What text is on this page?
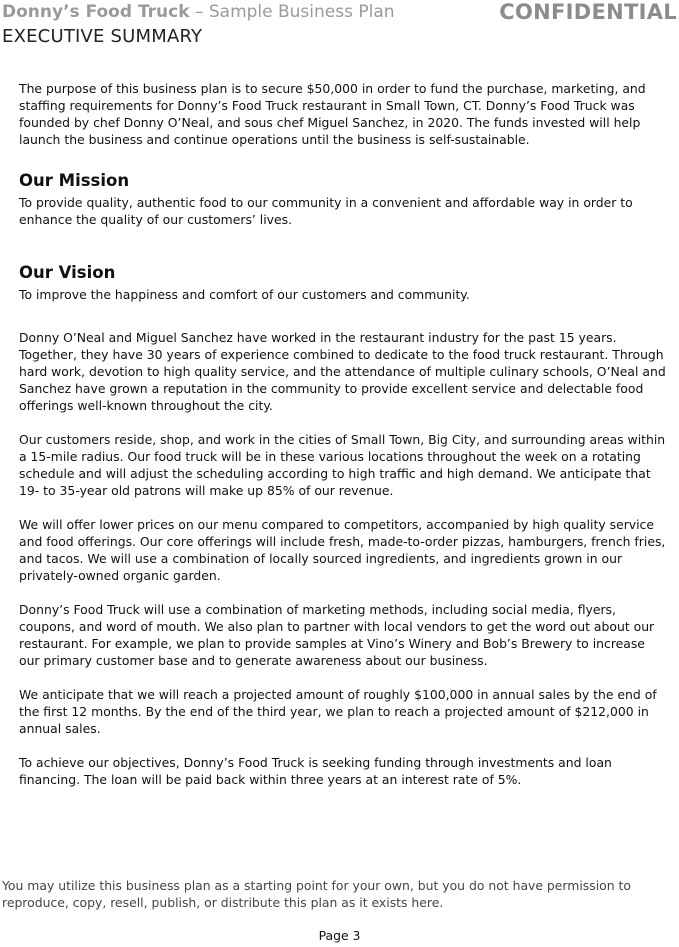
Donny’s Food Truck – Sample Business Plan	CONFIDENTIAL
EXECUTIVE SUMMARY

The purpose of this business plan is to secure $50,000 in order to fund the purchase, marketing, and staffing requirements for Donny’s Food Truck restaurant in Small Town, CT. Donny’s Food Truck was founded by chef Donny O’Neal, and sous chef Miguel Sanchez, in 2020. The funds invested will help launch the business and continue operations until the business is self-sustainable.

Our Mission

To provide quality, authentic food to our community in a convenient and affordable way in order to enhance the quality of our customers’ lives.

Our Vision

To improve the happiness and comfort of our customers and community.

Donny O’Neal and Miguel Sanchez have worked in the restaurant industry for the past 15 years. Together, they have 30 years of experience combined to dedicate to the food truck restaurant. Through hard work, devotion to high quality service, and the attendance of multiple culinary schools, O’Neal and Sanchez have grown a reputation in the community to provide excellent service and delectable food offerings well-known throughout the city.

Our customers reside, shop, and work in the cities of Small Town, Big City, and surrounding areas within a 15-mile radius. Our food truck will be in these various locations throughout the week on a rotating schedule and will adjust the scheduling according to high traffic and high demand. We anticipate that 19- to 35-year old patrons will make up 85% of our revenue.

We will offer lower prices on our menu compared to competitors, accompanied by high quality service and food offerings. Our core offerings will include fresh, made-to-order pizzas, hamburgers, french fries, and tacos. We will use a combination of locally sourced ingredients, and ingredients grown in our privately-owned organic garden.

Donny’s Food Truck will use a combination of marketing methods, including social media, flyers, coupons, and word of mouth. We also plan to partner with local vendors to get the word out about our restaurant. For example, we plan to provide samples at Vino’s Winery and Bob’s Brewery to increase our primary customer base and to generate awareness about our business.

We anticipate that we will reach a projected amount of roughly $100,000 in annual sales by the end of the first 12 months. By the end of the third year, we plan to reach a projected amount of $212,000 in annual sales.

To achieve our objectives, Donny’s Food Truck is seeking funding through investments and loan financing. The loan will be paid back within three years at an interest rate of 5%.

You may utilize this business plan as a starting point for your own, but you do not have permission to reproduce, copy, resell, publish, or distribute this plan as it exists here.
Page 3
